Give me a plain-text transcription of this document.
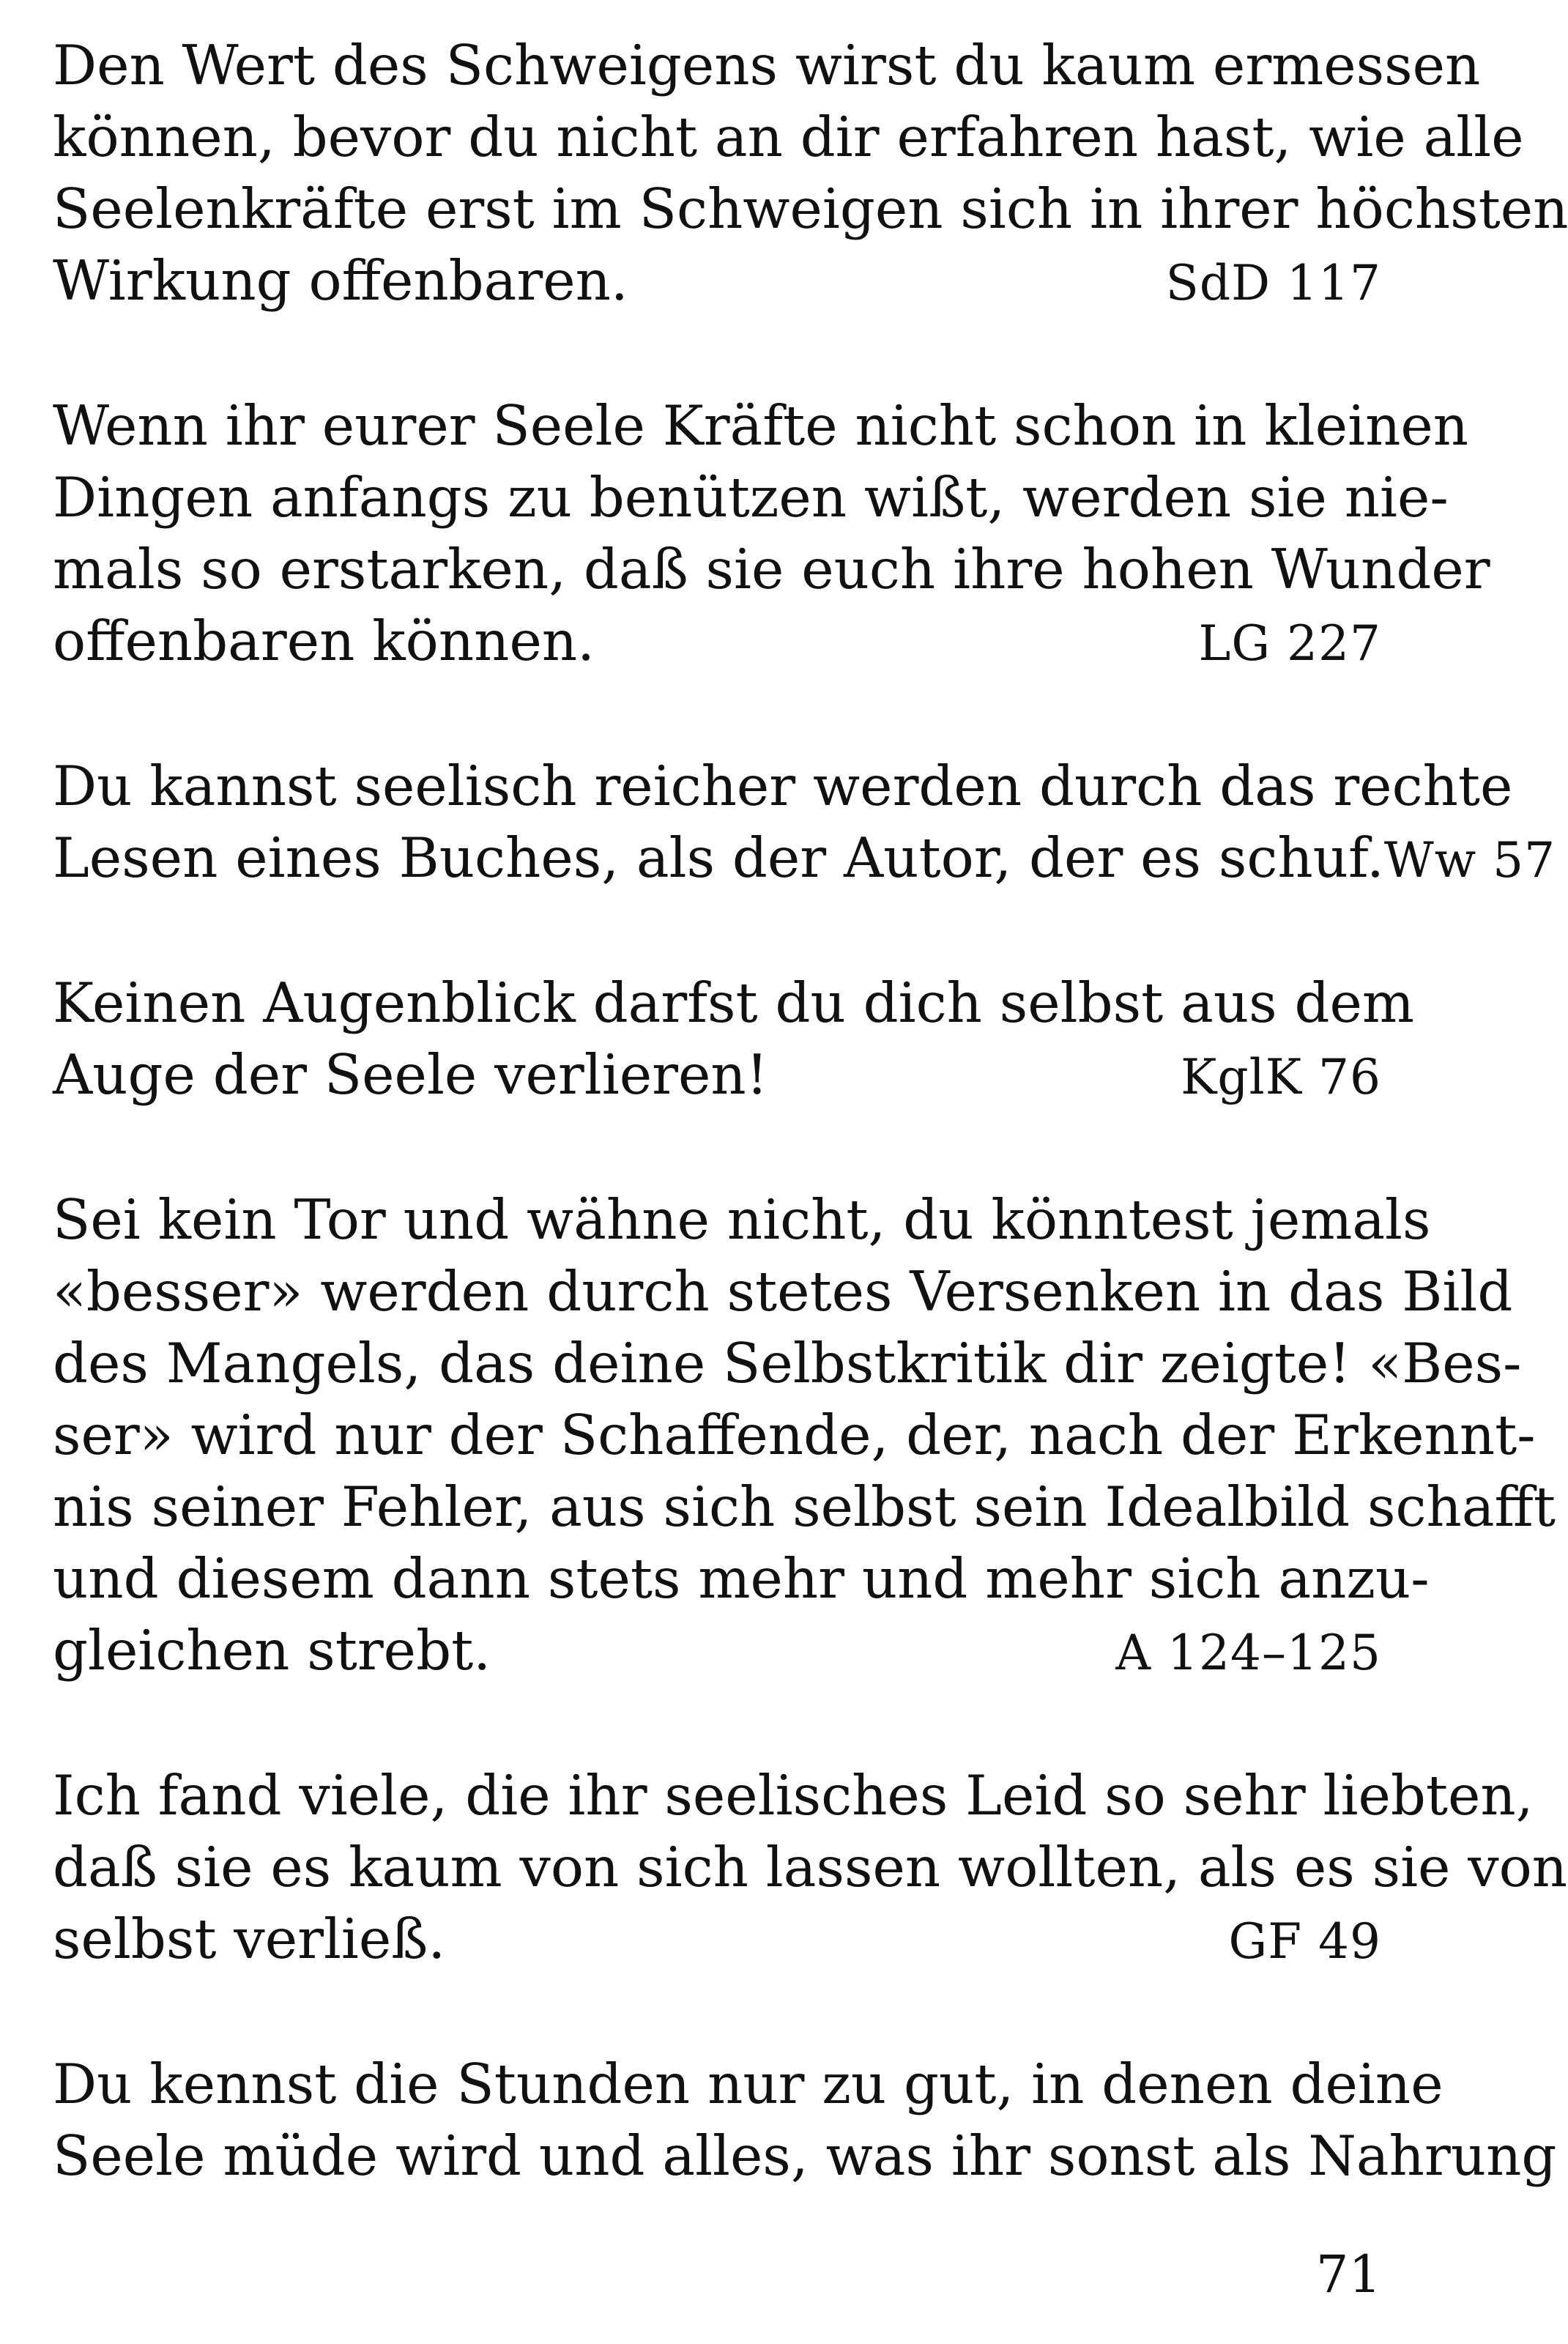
Den Wert des Schweigens wirst du kaum ermessen
können, bevor du nicht an dir erfahren hast, wie alle
Seelenkräfte erst im Schweigen sich in ihrer höchsten
Wirkung offenbaren.	SdD 117
Wenn ihr eurer Seele Kräfte nicht schon in kleinen
Dingen anfangs zu benützen wißt, werden sie nie-
mals so erstarken, daß sie euch ihre hohen Wunder
offenbaren können.	LG 227
Du kannst seelisch reicher werden durch das rechte
Lesen eines Buches, als der Autor, der es schuf. Ww 57
Keinen Augenblick darfst du dich selbst aus dem
Auge der Seele verlieren!	KglK 76
Sei kein Tor und wähne nicht, du könntest jemals
«besser» werden durch stetes Versenken in das Bild
des Mangels, das deine Selbstkritik dir zeigte! «Bes-
ser» wird nur der Schaffende, der, nach der Erkennt-
nis seiner Fehler, aus sich selbst sein Idealbild schafft
und diesem dann stets mehr und mehr sich anzu-
gleichen strebt.	A 124–125
Ich fand viele, die ihr seelisches Leid so sehr liebten,
daß sie es kaum von sich lassen wollten, als es sie von
selbst verließ.	GF 49
Du kennst die Stunden nur zu gut, in denen deine
Seele müde wird und alles, was ihr sonst als Nahrung
71
